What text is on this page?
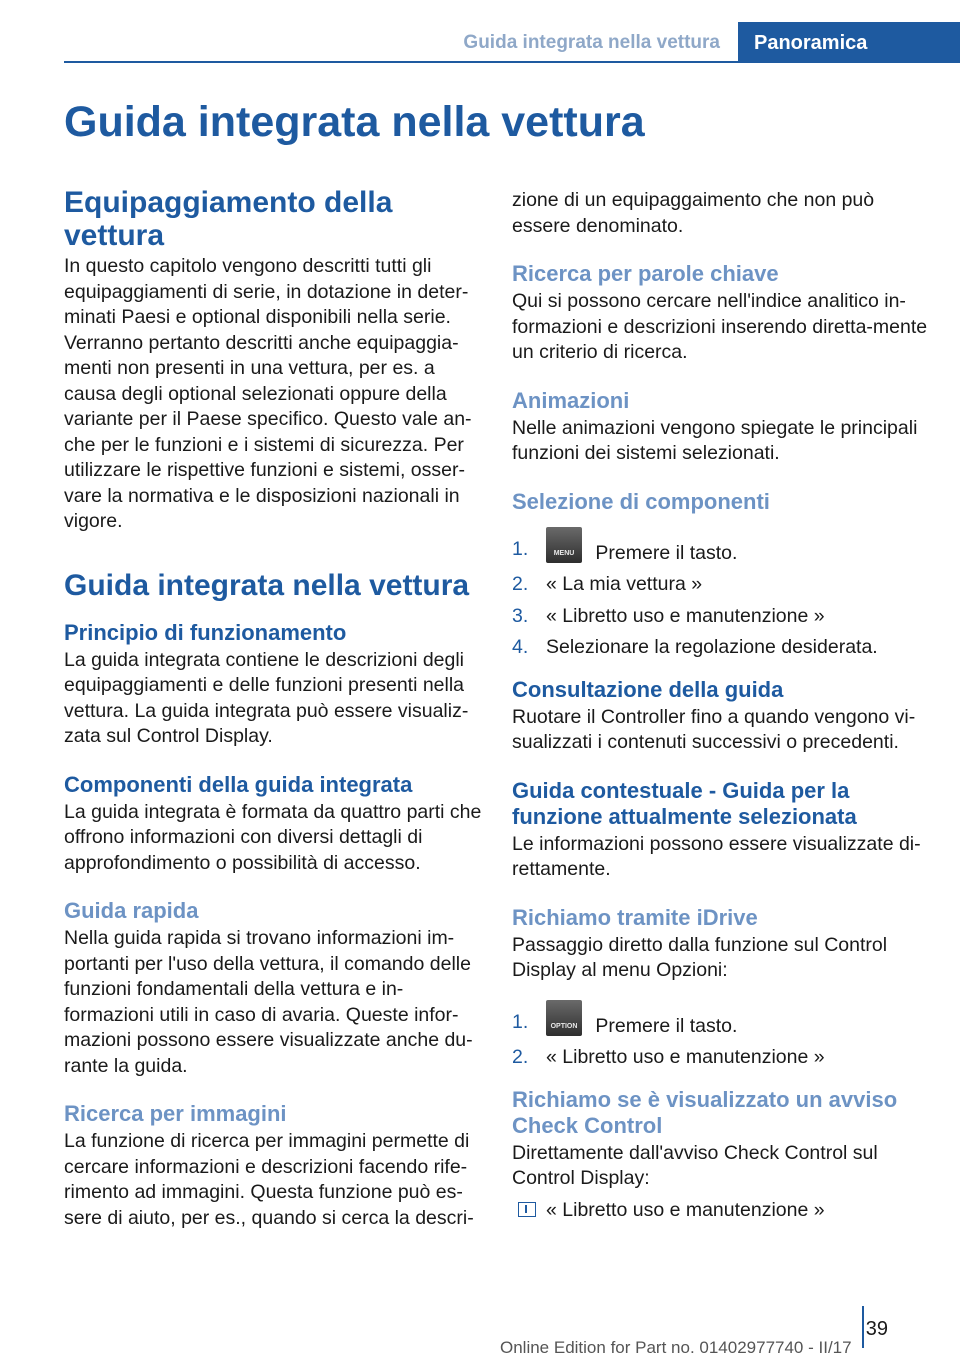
Guida integrata nella vettura	Panoramica
Guida integrata nella vettura
Equipaggiamento della vettura

In questo capitolo vengono descritti tutti gli equipaggiamenti di serie, in dotazione in deter-minati Paesi e optional disponibili nella serie. Verranno pertanto descritti anche equipaggia-menti non presenti in una vettura, per es. a causa degli optional selezionati oppure della variante per il Paese specifico. Questo vale an-che per le funzioni e i sistemi di sicurezza. Per utilizzare le rispettive funzioni e sistemi, osser-vare la normativa e le disposizioni nazionali in vigore.

Guida integrata nella vettura
Principio di funzionamento

La guida integrata contiene le descrizioni degli equipaggiamenti e delle funzioni presenti nella vettura. La guida integrata può essere visualiz-zata sul Control Display.

Componenti della guida integrata

La guida integrata è formata da quattro parti che offrono informazioni con diversi dettagli di approfondimento o possibilità di accesso.

Guida rapida

Nella guida rapida si trovano informazioni im-portanti per l'uso della vettura, il comando delle funzioni fondamentali della vettura e in-formazioni utili in caso di avaria. Queste infor-mazioni possono essere visualizzate anche du-rante la guida.

Ricerca per immagini

La funzione di ricerca per immagini permette di cercare informazioni e descrizioni facendo rife-rimento ad immagini. Questa funzione può es-sere di aiuto, per es., quando si cerca la descri-

zione di un equipaggaimento che non può essere denominato.

Ricerca per parole chiave

Qui si possono cercare nell'indice analitico in-formazioni e descrizioni inserendo diretta-mente un criterio di ricerca.

Animazioni

Nelle animazioni vengono spiegate le principali funzioni dei sistemi selezionati.

Selezione di componenti
1.	MENU	Premere il tasto.
2. « La mia vettura »
3. « Libretto uso e manutenzione »
4. Selezionare la regolazione desiderata.
Consultazione della guida

Ruotare il Controller fino a quando vengono vi-sualizzati i contenuti successivi o precedenti.

Guida contestuale - Guida per la funzione attualmente selezionata

Le informazioni possono essere visualizzate di-rettamente.

Richiamo tramite iDrive

Passaggio diretto dalla funzione sul Control Display al menu Opzioni:

1.	OPTION Premere il tasto.
2. « Libretto uso e manutenzione »
Richiamo se è visualizzato un avviso Check Control

Direttamente dall'avviso Check Control sul Control Display:

« Libretto uso e manutenzione »
39
Online Edition for Part no. 01402977740 - II/17
